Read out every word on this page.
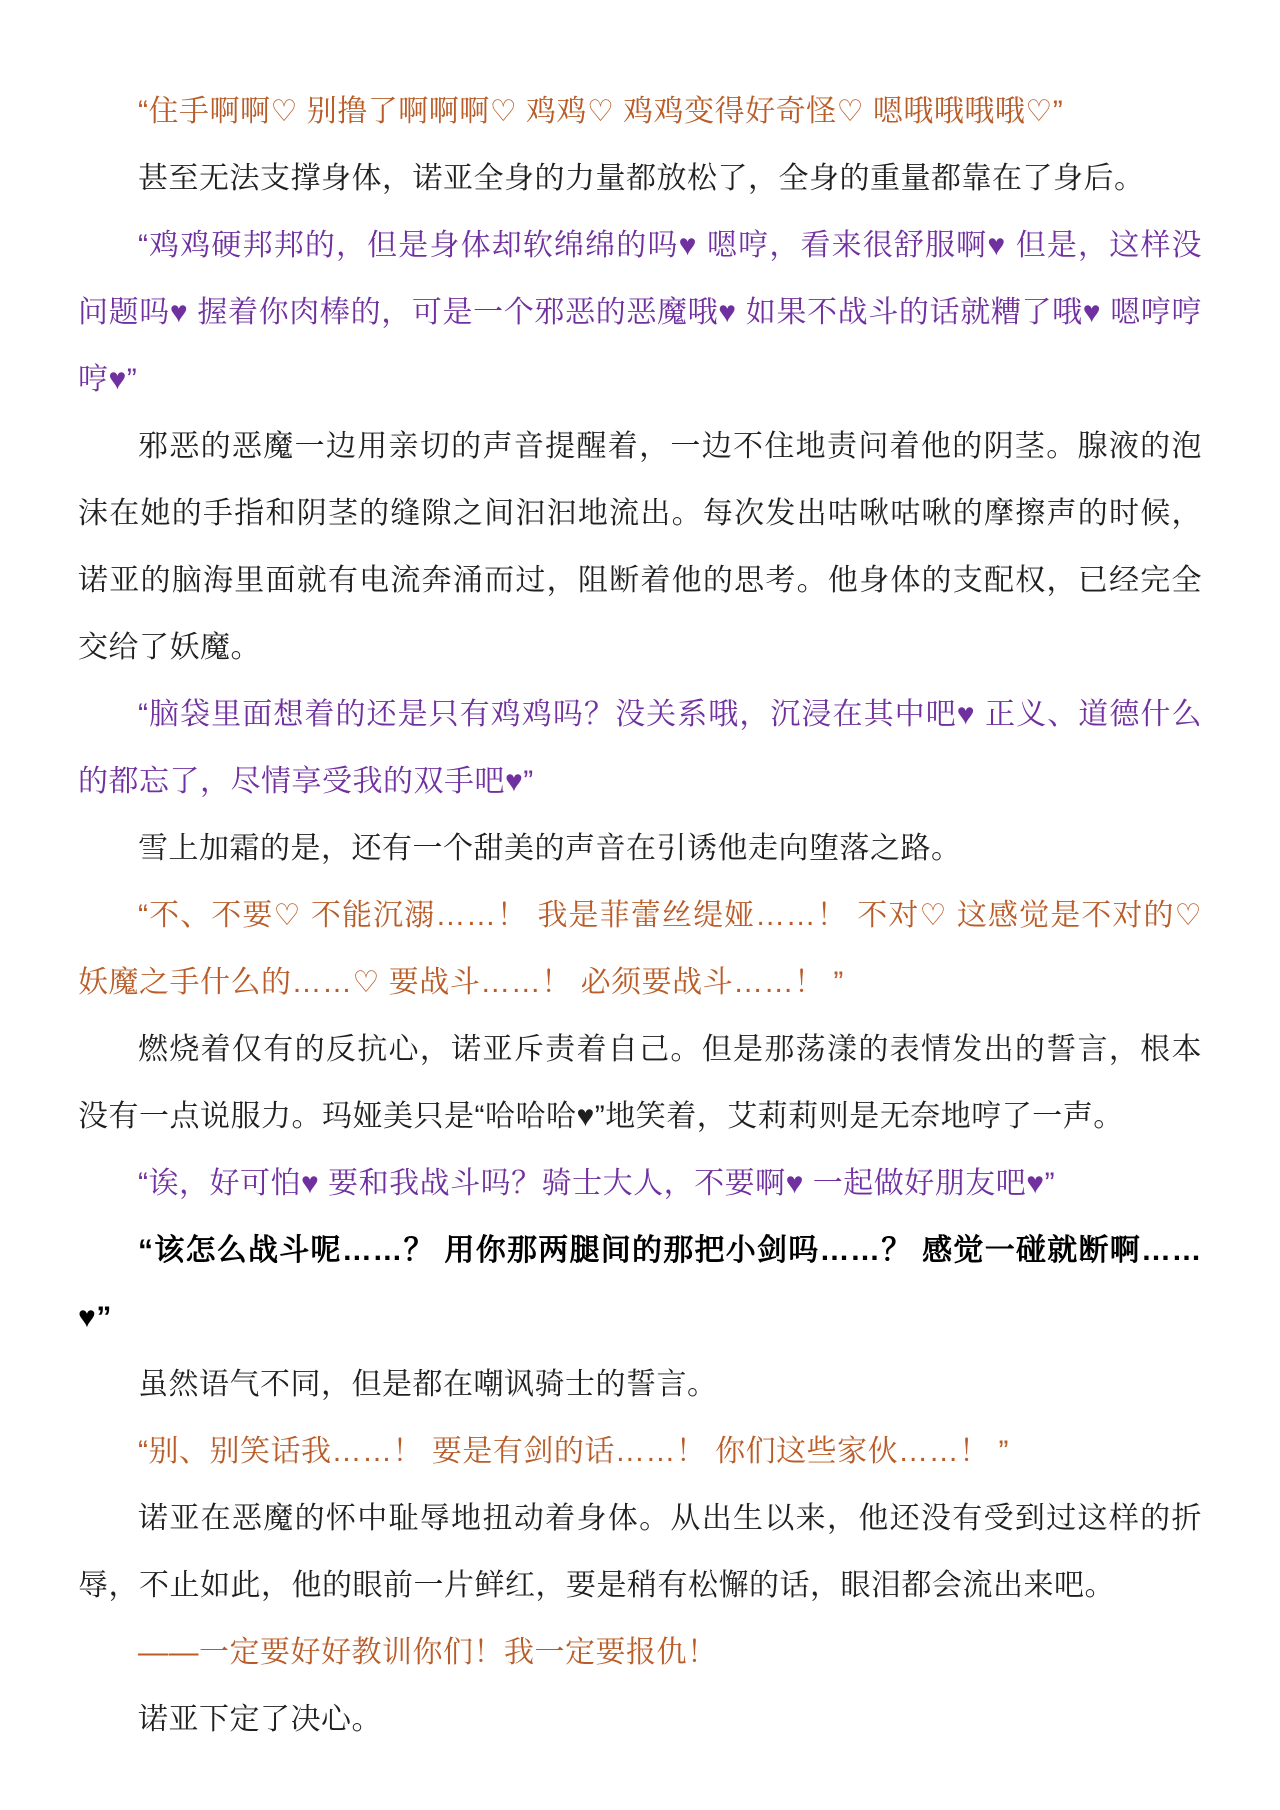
“住手啊啊♡ 别撸了啊啊啊♡ 鸡鸡♡ 鸡鸡变得好奇怪♡ 嗯哦哦哦哦♡”

甚至无法支撑身体，诺亚全身的力量都放松了，全身的重量都靠在了身后。

“鸡鸡硬邦邦的，但是身体却软绵绵的吗♥ 嗯哼，看来很舒服啊♥ 但是，这样没问题吗♥ 握着你肉棒的，可是一个邪恶的恶魔哦♥ 如果不战斗的话就糟了哦♥ 嗯哼哼哼♥”

邪恶的恶魔一边用亲切的声音提醒着，一边不住地责问着他的阴茎。腺液的泡沫在她的手指和阴茎的缝隙之间汩汩地流出。每次发出咕啾咕啾的摩擦声的时候，诺亚的脑海里面就有电流奔涌而过，阻断着他的思考。他身体的支配权，已经完全交给了妖魔。

“脑袋里面想着的还是只有鸡鸡吗？没关系哦，沉浸在其中吧♥ 正义、道德什么的都忘了，尽情享受我的双手吧♥”

雪上加霜的是，还有一个甜美的声音在引诱他走向堕落之路。

“不、不要♡ 不能沉溺……！ 我是菲蕾丝缇娅……！ 不对♡ 这感觉是不对的♡ 妖魔之手什么的……♡ 要战斗……！ 必须要战斗……！ ”

燃烧着仅有的反抗心，诺亚斥责着自己。但是那荡漾的表情发出的誓言，根本没有一点说服力。玛娅美只是“哈哈哈♥”地笑着，艾莉莉则是无奈地哼了一声。

“诶，好可怕♥ 要和我战斗吗？骑士大人，不要啊♥ 一起做好朋友吧♥”

“该怎么战斗呢……？ 用你那两腿间的那把小剑吗……？ 感觉一碰就断啊……♥”

虽然语气不同，但是都在嘲讽骑士的誓言。

“别、别笑话我……！ 要是有剑的话……！ 你们这些家伙……！ ”

诺亚在恶魔的怀中耻辱地扭动着身体。从出生以来，他还没有受到过这样的折辱，不止如此，他的眼前一片鲜红，要是稍有松懈的话，眼泪都会流出来吧。

——一定要好好教训你们！我一定要报仇！

诺亚下定了决心。
